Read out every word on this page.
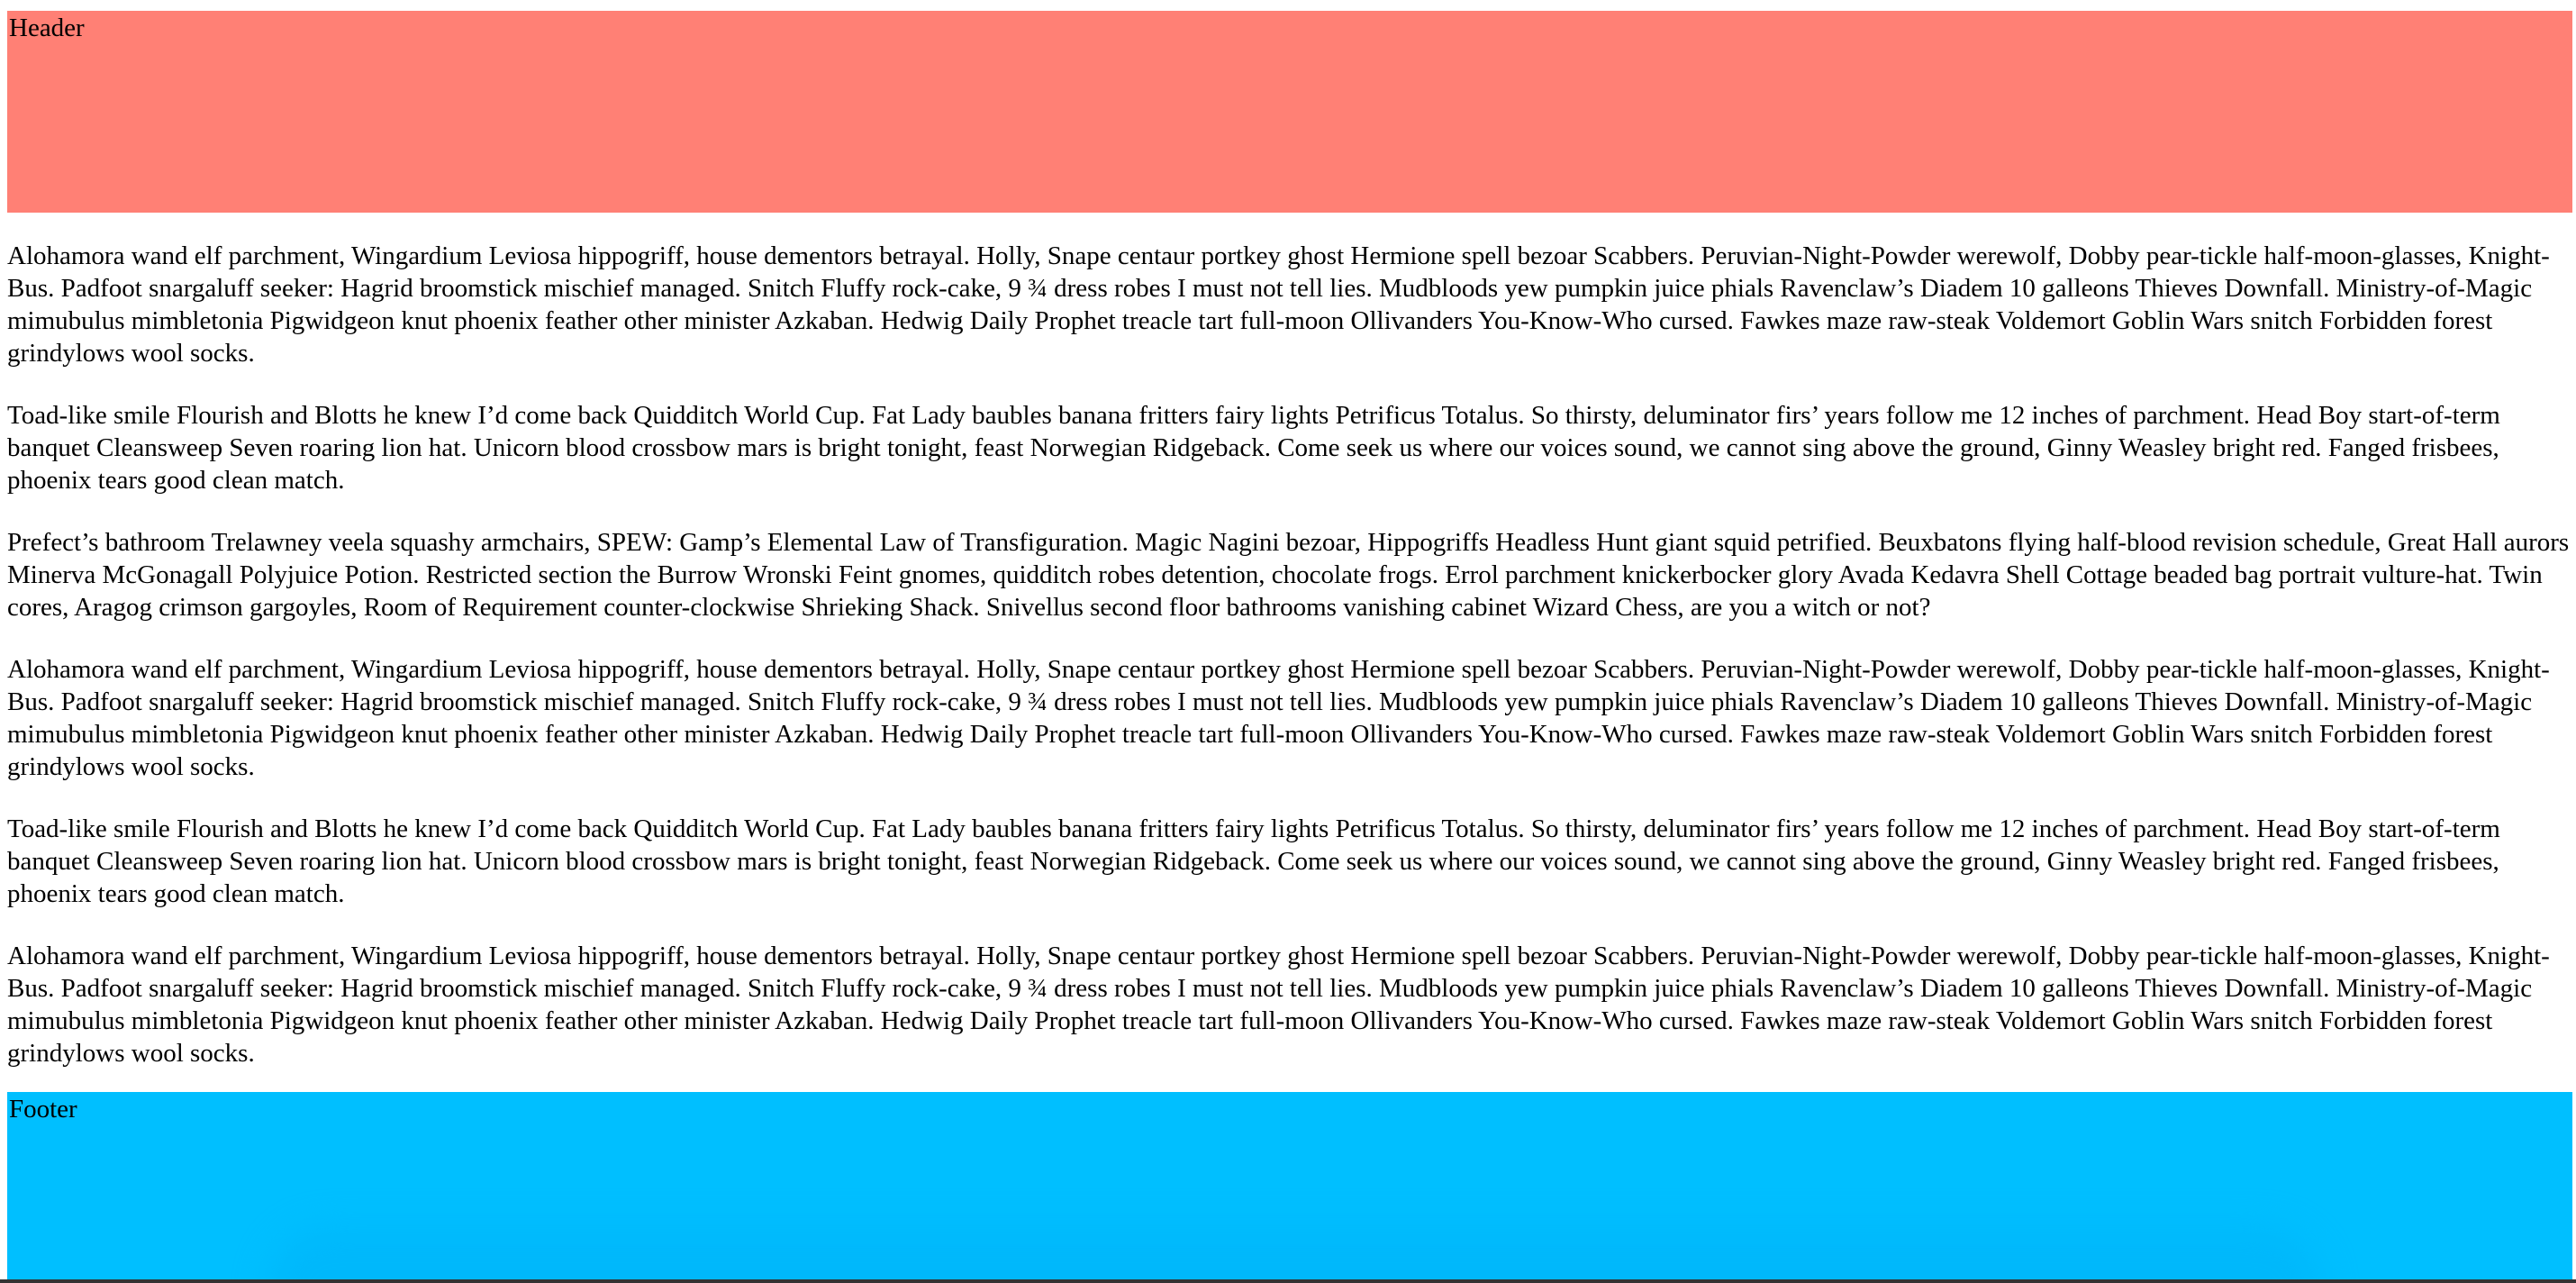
Header

Alohamora wand elf parchment, Wingardium Leviosa hippogriff, house dementors betrayal. Holly, Snape centaur portkey ghost Hermione spell bezoar Scabbers. Peruvian-Night-Powder werewolf, Dobby pear-tickle half-moon-glasses, Knight-Bus. Padfoot snargaluff seeker: Hagrid broomstick mischief managed. Snitch Fluffy rock-cake, 9 ¾ dress robes I must not tell lies. Mudbloods yew pumpkin juice phials Ravenclaw’s Diadem 10 galleons Thieves Downfall. Ministry-of-Magic mimubulus mimbletonia Pigwidgeon knut phoenix feather other minister Azkaban. Hedwig Daily Prophet treacle tart full-moon Ollivanders You-Know-Who cursed. Fawkes maze raw-steak Voldemort Goblin Wars snitch Forbidden forest grindylows wool socks.

Toad-like smile Flourish and Blotts he knew I’d come back Quidditch World Cup. Fat Lady baubles banana fritters fairy lights Petrificus Totalus. So thirsty, deluminator firs’ years follow me 12 inches of parchment. Head Boy start-of-term banquet Cleansweep Seven roaring lion hat. Unicorn blood crossbow mars is bright tonight, feast Norwegian Ridgeback. Come seek us where our voices sound, we cannot sing above the ground, Ginny Weasley bright red. Fanged frisbees, phoenix tears good clean match.

Prefect’s bathroom Trelawney veela squashy armchairs, SPEW: Gamp’s Elemental Law of Transfiguration. Magic Nagini bezoar, Hippogriffs Headless Hunt giant squid petrified. Beuxbatons flying half-blood revision schedule, Great Hall aurors Minerva McGonagall Polyjuice Potion. Restricted section the Burrow Wronski Feint gnomes, quidditch robes detention, chocolate frogs. Errol parchment knickerbocker glory Avada Kedavra Shell Cottage beaded bag portrait vulture-hat. Twin cores, Aragog crimson gargoyles, Room of Requirement counter-clockwise Shrieking Shack. Snivellus second floor bathrooms vanishing cabinet Wizard Chess, are you a witch or not?

Alohamora wand elf parchment, Wingardium Leviosa hippogriff, house dementors betrayal. Holly, Snape centaur portkey ghost Hermione spell bezoar Scabbers. Peruvian-Night-Powder werewolf, Dobby pear-tickle half-moon-glasses, Knight-Bus. Padfoot snargaluff seeker: Hagrid broomstick mischief managed. Snitch Fluffy rock-cake, 9 ¾ dress robes I must not tell lies. Mudbloods yew pumpkin juice phials Ravenclaw’s Diadem 10 galleons Thieves Downfall. Ministry-of-Magic mimubulus mimbletonia Pigwidgeon knut phoenix feather other minister Azkaban. Hedwig Daily Prophet treacle tart full-moon Ollivanders You-Know-Who cursed. Fawkes maze raw-steak Voldemort Goblin Wars snitch Forbidden forest grindylows wool socks.

Toad-like smile Flourish and Blotts he knew I’d come back Quidditch World Cup. Fat Lady baubles banana fritters fairy lights Petrificus Totalus. So thirsty, deluminator firs’ years follow me 12 inches of parchment. Head Boy start-of-term banquet Cleansweep Seven roaring lion hat. Unicorn blood crossbow mars is bright tonight, feast Norwegian Ridgeback. Come seek us where our voices sound, we cannot sing above the ground, Ginny Weasley bright red. Fanged frisbees, phoenix tears good clean match.

Alohamora wand elf parchment, Wingardium Leviosa hippogriff, house dementors betrayal. Holly, Snape centaur portkey ghost Hermione spell bezoar Scabbers. Peruvian-Night-Powder werewolf, Dobby pear-tickle half-moon-glasses, Knight-Bus. Padfoot snargaluff seeker: Hagrid broomstick mischief managed. Snitch Fluffy rock-cake, 9 ¾ dress robes I must not tell lies. Mudbloods yew pumpkin juice phials Ravenclaw’s Diadem 10 galleons Thieves Downfall. Ministry-of-Magic mimubulus mimbletonia Pigwidgeon knut phoenix feather other minister Azkaban. Hedwig Daily Prophet treacle tart full-moon Ollivanders You-Know-Who cursed. Fawkes maze raw-steak Voldemort Goblin Wars snitch Forbidden forest grindylows wool socks.

Footer
